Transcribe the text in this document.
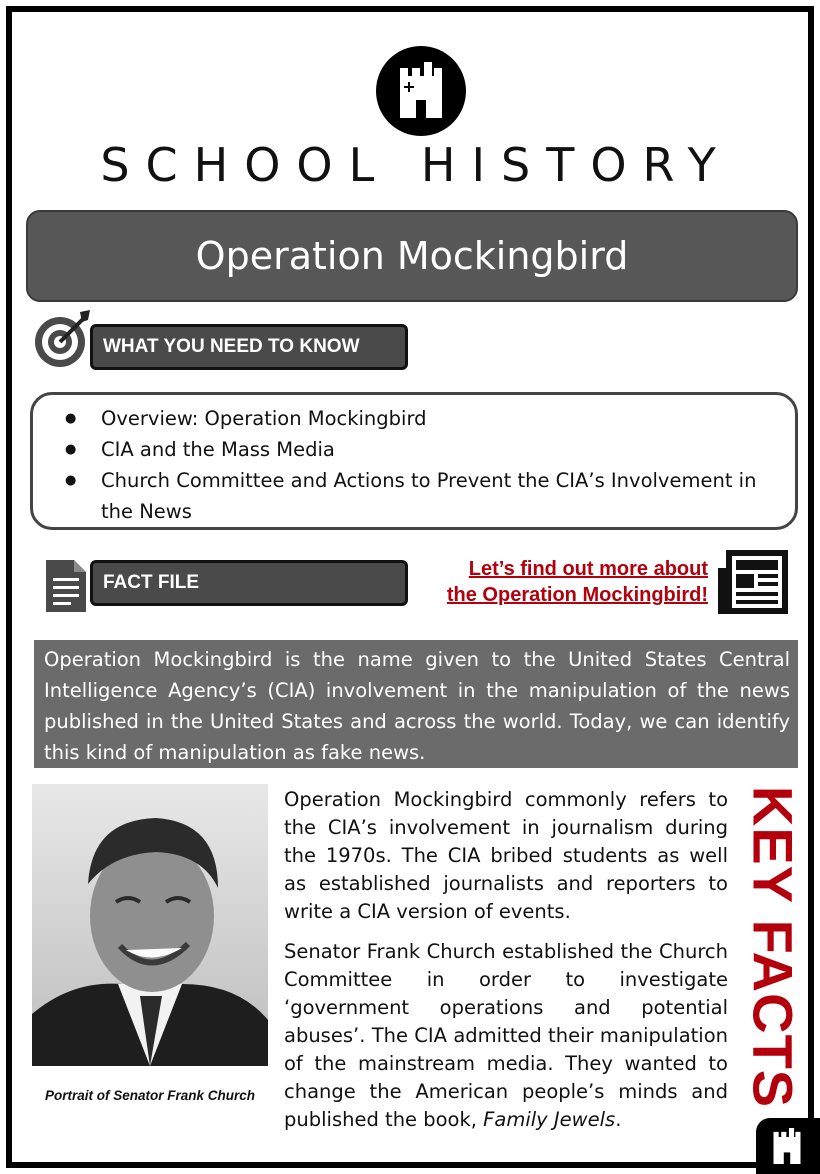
SCHOOL HISTORY
Operation Mockingbird
WHAT YOU NEED TO KNOW
● Overview: Operation Mockingbird
● CIA and the Mass Media
● Church Committee and Actions to Prevent the CIA’s Involvement in the News
FACT FILE
Let’s find out more about
the Operation Mockingbird!
Operation Mockingbird is the name given to the United States Central Intelligence Agency’s (CIA) involvement in the manipulation of the news published in the United States and across the world. Today, we can identify this kind of manipulation as fake news.
Portrait of Senator Frank Church

Operation Mockingbird commonly refers to the CIA’s involvement in journalism during the 1970s. The CIA bribed students as well as established journalists and reporters to write a CIA version of events.

Senator Frank Church established the Church Committee in order to investigate ‘government operations and potential abuses’. The CIA admitted their manipulation of the mainstream media. They wanted to change the American people’s minds and published the book, Family Jewels.

KEY FACTS
